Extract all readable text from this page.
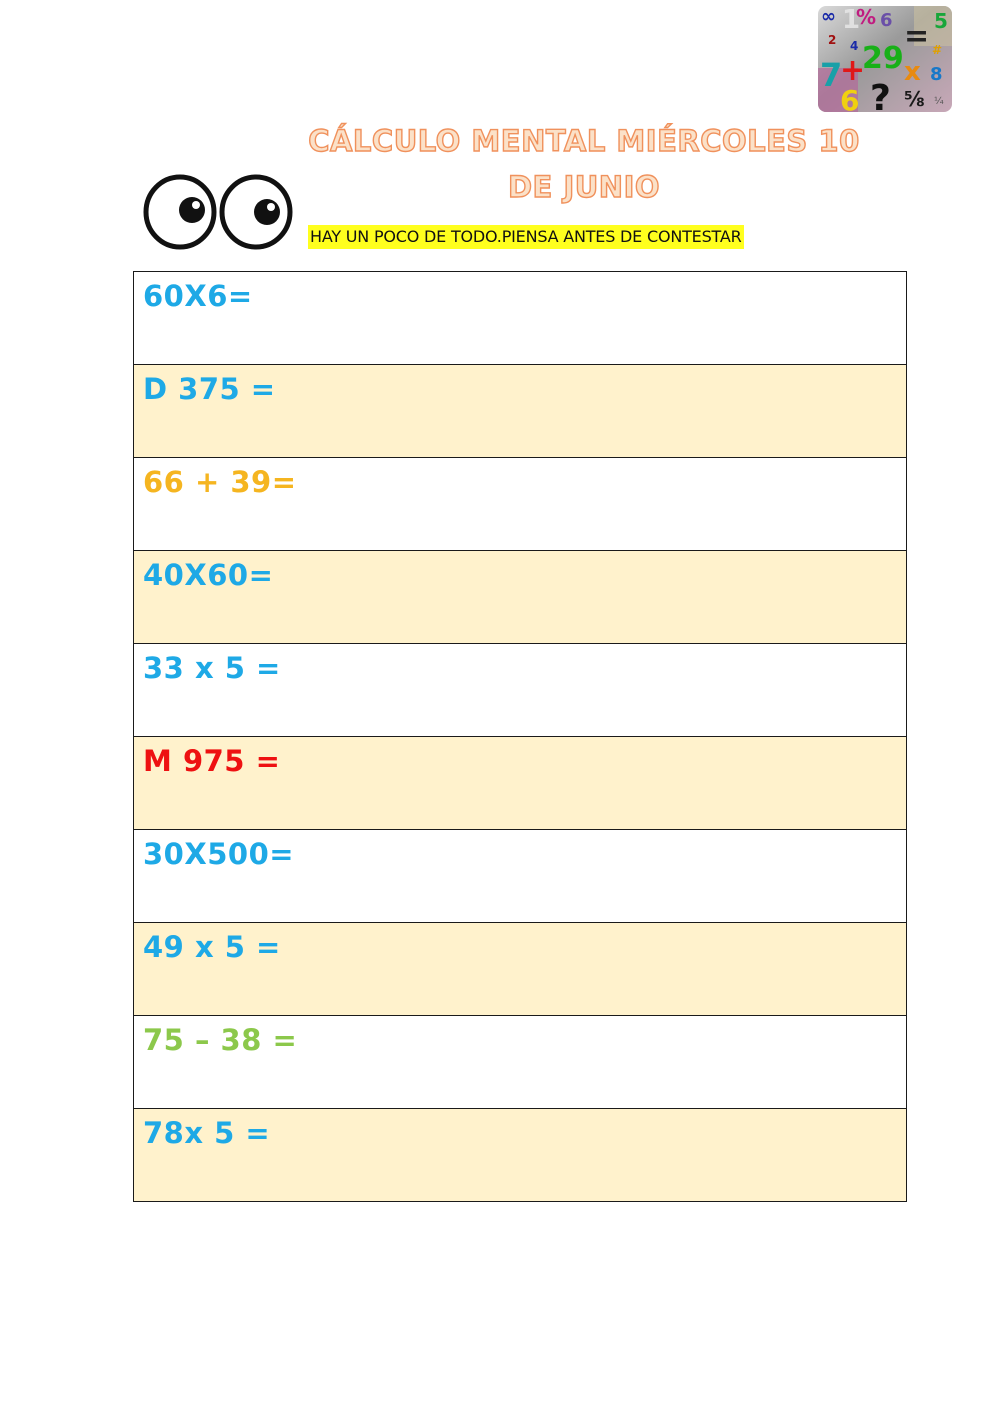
∞ 1
% 6 = 5
2 4	#
7
+
29 x 8
6 ? ⅝ ¼
CÁLCULO MENTAL MIÉRCOLES 10
DE JUNIO
HAY UN POCO DE TODO.PIENSA ANTES DE CONTESTAR
60X6=
D 375 =
66 + 39=
40X60=
33 x 5 =
M 975 =
30X500=
49 x 5 =
75 – 38 =
78x 5 =
